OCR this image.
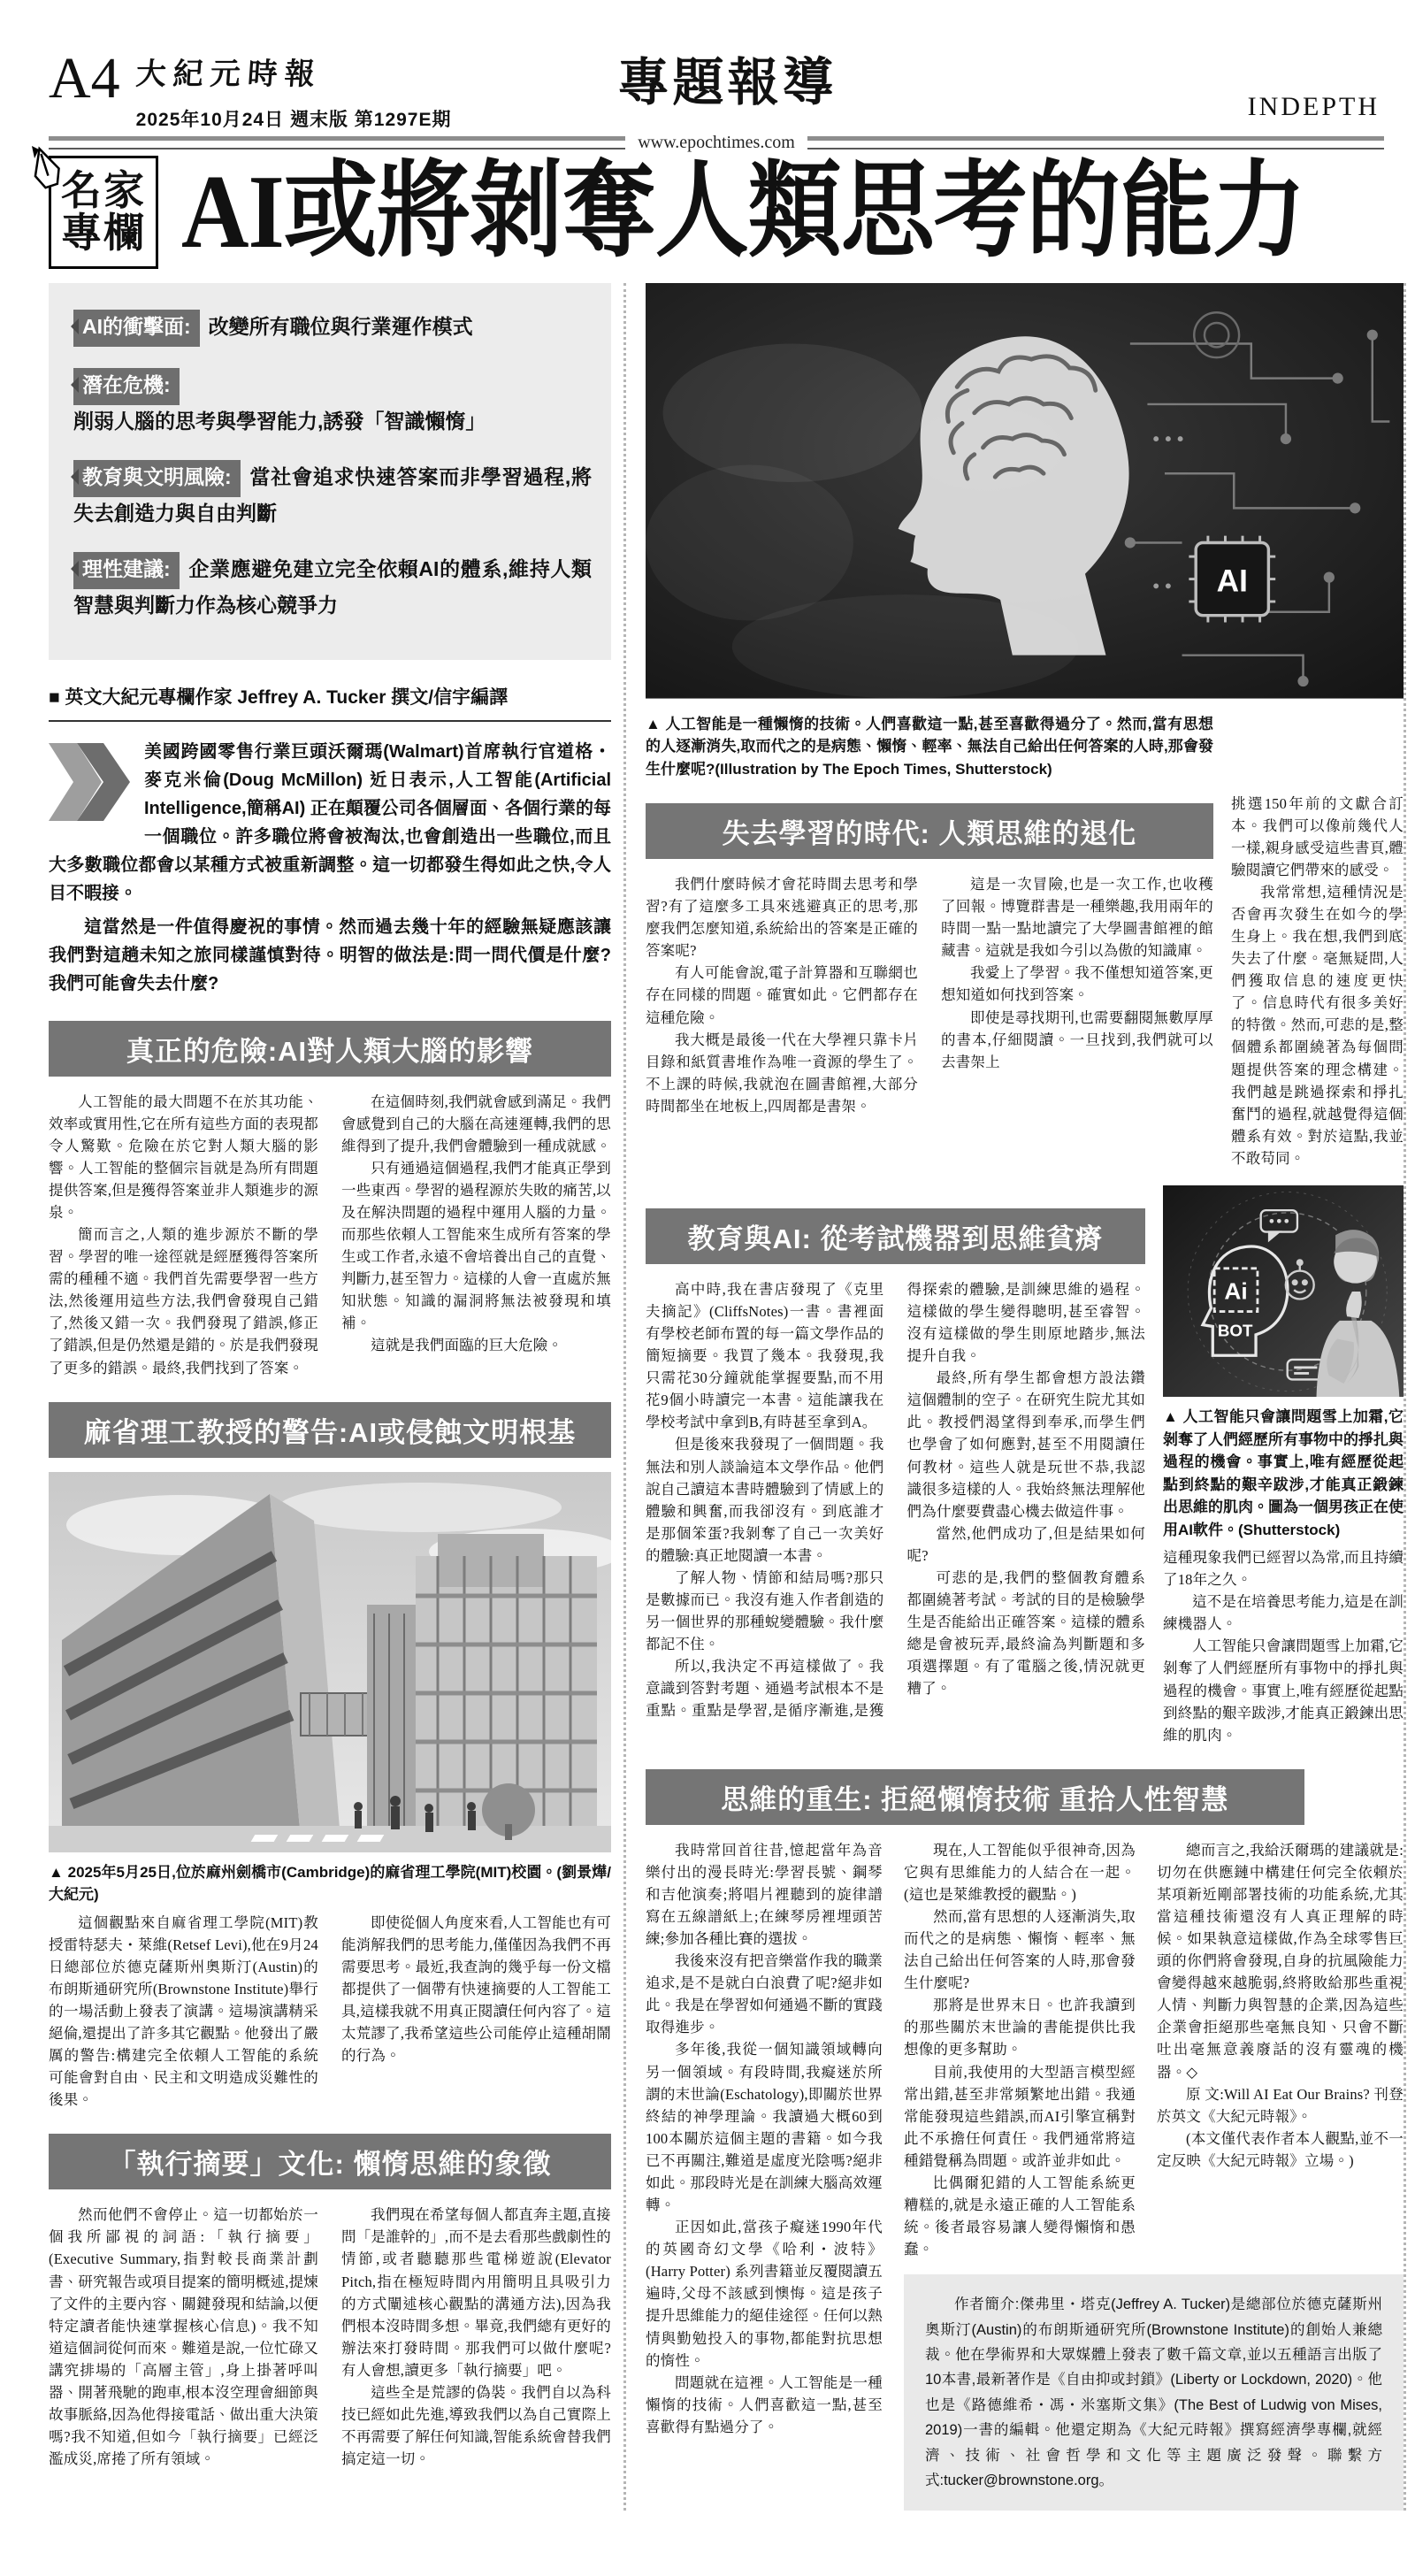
A4 大紀元時報
2025年10月24日 週末版 第1297E期
專題報導	INDEPTH
www.epochtimes.com
名家
專欄 AI或將剝奪人類思考的能力
AI的衝擊面: 改變所有職位與行業運作模式
潛在危機:削弱人腦的思考與學習能力,誘發「智識懶惰」
教育與文明風險: 當社會追求快速答案而非學習過程,將失去創造力與自由判斷
理性建議: 企業應避免建立完全依賴AI的體系,維持人類智慧與判斷力作為核心競爭力
■ 英文大紀元專欄作家 Jeffrey A. Tucker 撰文/信宇編譯

美國跨國零售行業巨頭沃爾瑪(Walmart)首席執行官道格・麥克米倫(Doug McMillon) 近日表示,人工智能(Artificial Intelligence,簡稱AI) 正在顛覆公司各個層面、各個行業的每一個職位。許多職位將會被淘汰,也會創造出一些職位,而且大多數職位都會以某種方式被重新調整。這一切都發生得如此之快,令人目不暇接。

這當然是一件值得慶祝的事情。然而過去幾十年的經驗無疑應該讓我們對這趟未知之旅同樣謹慎對待。明智的做法是:問一問代價是什麼?我們可能會失去什麼?

真正的危險:AI對人類大腦的影響

人工智能的最大問題不在於其功能、效率或實用性,它在所有這些方面的表現都令人驚歎。危險在於它對人類大腦的影響。人工智能的整個宗旨就是為所有問題提供答案,但是獲得答案並非人類進步的源泉。

簡而言之,人類的進步源於不斷的學習。學習的唯一途徑就是經歷獲得答案所需的種種不適。我們首先需要學習一些方法,然後運用這些方法,我們會發現自己錯了,然後又錯一次。我們發現了錯誤,修正了錯誤,但是仍然還是錯的。於是我們發現了更多的錯誤。最終,我們找到了答案。

在這個時刻,我們就會感到滿足。我們會感覺到自己的大腦在高速運轉,我們的思維得到了提升,我們會體驗到一種成就感。

只有通過這個過程,我們才能真正學到一些東西。學習的過程源於失敗的痛苦,以及在解決問題的過程中運用人腦的力量。而那些依賴人工智能來生成所有答案的學生或工作者,永遠不會培養出自己的直覺、判斷力,甚至智力。這樣的人會一直處於無知狀態。知識的漏洞將無法被發現和填補。

這就是我們面臨的巨大危險。

麻省理工教授的警告:AI或侵蝕文明根基
▲ 2025年5月25日,位於麻州劍橋市(Cambridge)的麻省理工學院(MIT)校園。(劉景燁/大紀元)

這個觀點來自麻省理工學院(MIT)教授雷特瑟夫・萊維(Retsef Levi),他在9月24日總部位於德克薩斯州奧斯汀(Austin)的布朗斯通研究所(Brownstone Institute)舉行的一場活動上發表了演講。這場演講精采絕倫,還提出了許多其它觀點。他發出了嚴厲的警告:構建完全依賴人工智能的系統可能會對自由、民主和文明造成災難性的後果。

即使從個人角度來看,人工智能也有可能消解我們的思考能力,僅僅因為我們不再需要思考。最近,我查詢的幾乎每一份文檔都提供了一個帶有快速摘要的人工智能工具,這樣我就不用真正閱讀任何內容了。這太荒謬了,我希望這些公司能停止這種胡鬧的行為。

「執行摘要」文化: 懶惰思維的象徵

然而他們不會停止。這一切都始於一個我所鄙視的詞語:「執行摘要」(Executive Summary,指對較長商業計劃書、研究報告或項目提案的簡明概述,提煉了文件的主要內容、關鍵發現和結論,以便特定讀者能快速掌握核心信息)。我不知道這個詞從何而來。難道是說,一位忙碌又講究排場的「高層主管」,身上掛著呼叫器、開著飛馳的跑車,根本沒空理會細節與故事脈絡,因為他得接電話、做出重大決策嗎?我不知道,但如今「執行摘要」已經泛濫成災,席捲了所有領域。

我們現在希望每個人都直奔主題,直接問「是誰幹的」,而不是去看那些戲劇性的情節,或者聽聽那些電梯遊說(Elevator Pitch,指在極短時間內用簡明且具吸引力的方式闡述核心觀點的溝通方法),因為我們根本沒時間多想。畢竟,我們總有更好的辦法來打發時間。那我們可以做什麼呢?有人會想,讀更多「執行摘要」吧。

這些全是荒謬的偽裝。我們自以為科技已經如此先進,導致我們以為自己實際上不再需要了解任何知識,智能系統會替我們搞定這一切。

AI
▲ 人工智能是一種懶惰的技術。人們喜歡這一點,甚至喜歡得過分了。然而,當有思想的人逐漸消失,取而代之的是病態、懶惰、輕率、無法自己給出任何答案的人時,那會發生什麼呢?(Illustration by The Epoch Times, Shutterstock)
失去學習的時代: 人類思維的退化

我們什麼時候才會花時間去思考和學習?有了這麼多工具來逃避真正的思考,那麼我們怎麼知道,系統給出的答案是正確的答案呢?

有人可能會說,電子計算器和互聯網也存在同樣的問題。確實如此。它們都存在這種危險。

我大概是最後一代在大學裡只靠卡片目錄和紙質書堆作為唯一資源的學生了。不上課的時候,我就泡在圖書館裡,大部分時間都坐在地板上,四周都是書架。

這是一次冒險,也是一次工作,也收穫了回報。博覽群書是一種樂趣,我用兩年的時間一點一點地讀完了大學圖書館裡的館藏書。這就是我如今引以為傲的知識庫。

我愛上了學習。我不僅想知道答案,更想知道如何找到答案。

即使是尋找期刊,也需要翻閱無數厚厚的書本,仔細閱讀。一旦找到,我們就可以去書架上

挑選150年前的文獻合訂本。我們可以像前幾代人一樣,親身感受這些書頁,體驗閱讀它們帶來的感受。

我常常想,這種情況是否會再次發生在如今的學生身上。我在想,我們到底失去了什麼。毫無疑問,人們獲取信息的速度更快了。信息時代有很多美好的特徵。然而,可悲的是,整個體系都圍繞著為每個問題提供答案的理念構建。我們越是跳過探索和掙扎奮鬥的過程,就越覺得這個體系有效。對於這點,我並不敢苟同。

教育與AI: 從考試機器到思維貧瘠

高中時,我在書店發現了《克里夫摘記》(CliffsNotes)一書。書裡面有學校老師布置的每一篇文學作品的簡短摘要。我買了幾本。我發現,我只需花30分鐘就能掌握要點,而不用花9個小時讀完一本書。這能讓我在學校考試中拿到B,有時甚至拿到A。

但是後來我發現了一個問題。我無法和別人談論這本文學作品。他們說自己讀這本書時體驗到了情感上的體驗和興奮,而我卻沒有。到底誰才是那個笨蛋?我剝奪了自己一次美好的體驗:真正地閱讀一本書。

了解人物、情節和結局嗎?那只是數據而已。我沒有進入作者創造的另一個世界的那種蛻變體驗。我什麼都記不住。

所以,我決定不再這樣做了。我意識到答對考題、通過考試根本不是重點。重點是學習,是循序漸進,是獲得探索的體驗,是訓練思維的過程。這樣做的學生變得聰明,甚至睿智。沒有這樣做的學生則原地踏步,無法提升自我。

最終,所有學生都會想方設法鑽這個體制的空子。在研究生院尤其如此。教授們渴望得到奉承,而學生們也學會了如何應對,甚至不用閱讀任何教材。這些人就是玩世不恭,我認識很多這樣的人。我始終無法理解他們為什麼要費盡心機去做這件事。

當然,他們成功了,但是結果如何呢?

可悲的是,我們的整個教育體系都圍繞著考試。考試的目的是檢驗學生是否能給出正確答案。這樣的體系總是會被玩弄,最終淪為判斷題和多項選擇題。有了電腦之後,情況就更糟了。

Ai
BOT
▲ 人工智能只會讓問題雪上加霜,它剝奪了人們經歷所有事物中的掙扎與過程的機會。事實上,唯有經歷從起點到終點的艱辛跋涉,才能真正鍛鍊出思維的肌肉。圖為一個男孩正在使用AI軟件。(Shutterstock)

這種現象我們已經習以為常,而且持續了18年之久。

這不是在培養思考能力,這是在訓練機器人。

人工智能只會讓問題雪上加霜,它剝奪了人們經歷所有事物中的掙扎與過程的機會。事實上,唯有經歷從起點到終點的艱辛跋涉,才能真正鍛鍊出思維的肌肉。

思維的重生: 拒絕懶惰技術 重拾人性智慧

我時常回首往昔,憶起當年為音樂付出的漫長時光:學習長號、鋼琴和吉他演奏;將唱片裡聽到的旋律譜寫在五線譜紙上;在練琴房裡埋頭苦練;參加各種比賽的選拔。

我後來沒有把音樂當作我的職業追求,是不是就白白浪費了呢?絕非如此。我是在學習如何通過不斷的實踐取得進步。

多年後,我從一個知識領域轉向另一個領域。有段時間,我癡迷於所謂的末世論(Eschatology),即關於世界終結的神學理論。我讀過大概60到100本關於這個主題的書籍。如今我已不再關注,難道是虛度光陰嗎?絕非如此。那段時光是在訓練大腦高效運轉。

正因如此,當孩子癡迷1990年代的英國奇幻文學《哈利・波特》(Harry Potter) 系列書籍並反覆閱讀五遍時,父母不該感到懊悔。這是孩子提升思維能力的絕佳途徑。任何以熱情與勤勉投入的事物,都能對抗思想的惰性。

問題就在這裡。人工智能是一種懶惰的技術。人們喜歡這一點,甚至喜歡得有點過分了。

現在,人工智能似乎很神奇,因為它與有思維能力的人結合在一起。(這也是萊維教授的觀點。)

然而,當有思想的人逐漸消失,取而代之的是病態、懶惰、輕率、無法自己給出任何答案的人時,那會發生什麼呢?

那將是世界末日。也許我讀到的那些關於末世論的書能提供比我想像的更多幫助。

目前,我使用的大型語言模型經常出錯,甚至非常頻繁地出錯。我通常能發現這些錯誤,而AI引擎宣稱對此不承擔任何責任。我們通常將這種錯覺稱為問題。或許並非如此。

比偶爾犯錯的人工智能系統更糟糕的,就是永遠正確的人工智能系統。後者最容易讓人變得懶惰和愚蠢。

總而言之,我給沃爾瑪的建議就是:切勿在供應鏈中構建任何完全依賴於某項新近剛部署技術的功能系統,尤其當這種技術還沒有人真正理解的時候。如果執意這樣做,作為全球零售巨頭的你們將會發現,自身的抗風險能力會變得越來越脆弱,終將敗給那些重視人情、判斷力與智慧的企業,因為這些企業會拒絕那些毫無良知、只會不斷吐出毫無意義廢話的沒有靈魂的機器。◇

原 文:Will AI Eat Our Brains? 刊登於英文《大紀元時報》。

(本文僅代表作者本人觀點,並不一定反映《大紀元時報》立場。)

作者簡介:傑弗里・塔克(Jeffrey A. Tucker)是總部位於德克薩斯州奧斯汀(Austin)的布朗斯通研究所(Brownstone Institute)的創始人兼總裁。他在學術界和大眾媒體上發表了數千篇文章,並以五種語言出版了10本書,最新著作是《自由抑或封鎖》(Liberty or Lockdown, 2020)。他也是《路德維希・馮・米塞斯文集》(The Best of Ludwig von Mises, 2019)一書的編輯。他還定期為《大紀元時報》撰寫經濟學專欄,就經濟、技術、社會哲學和文化等主題廣泛發聲。聯繫方式:tucker@brownstone.org。
